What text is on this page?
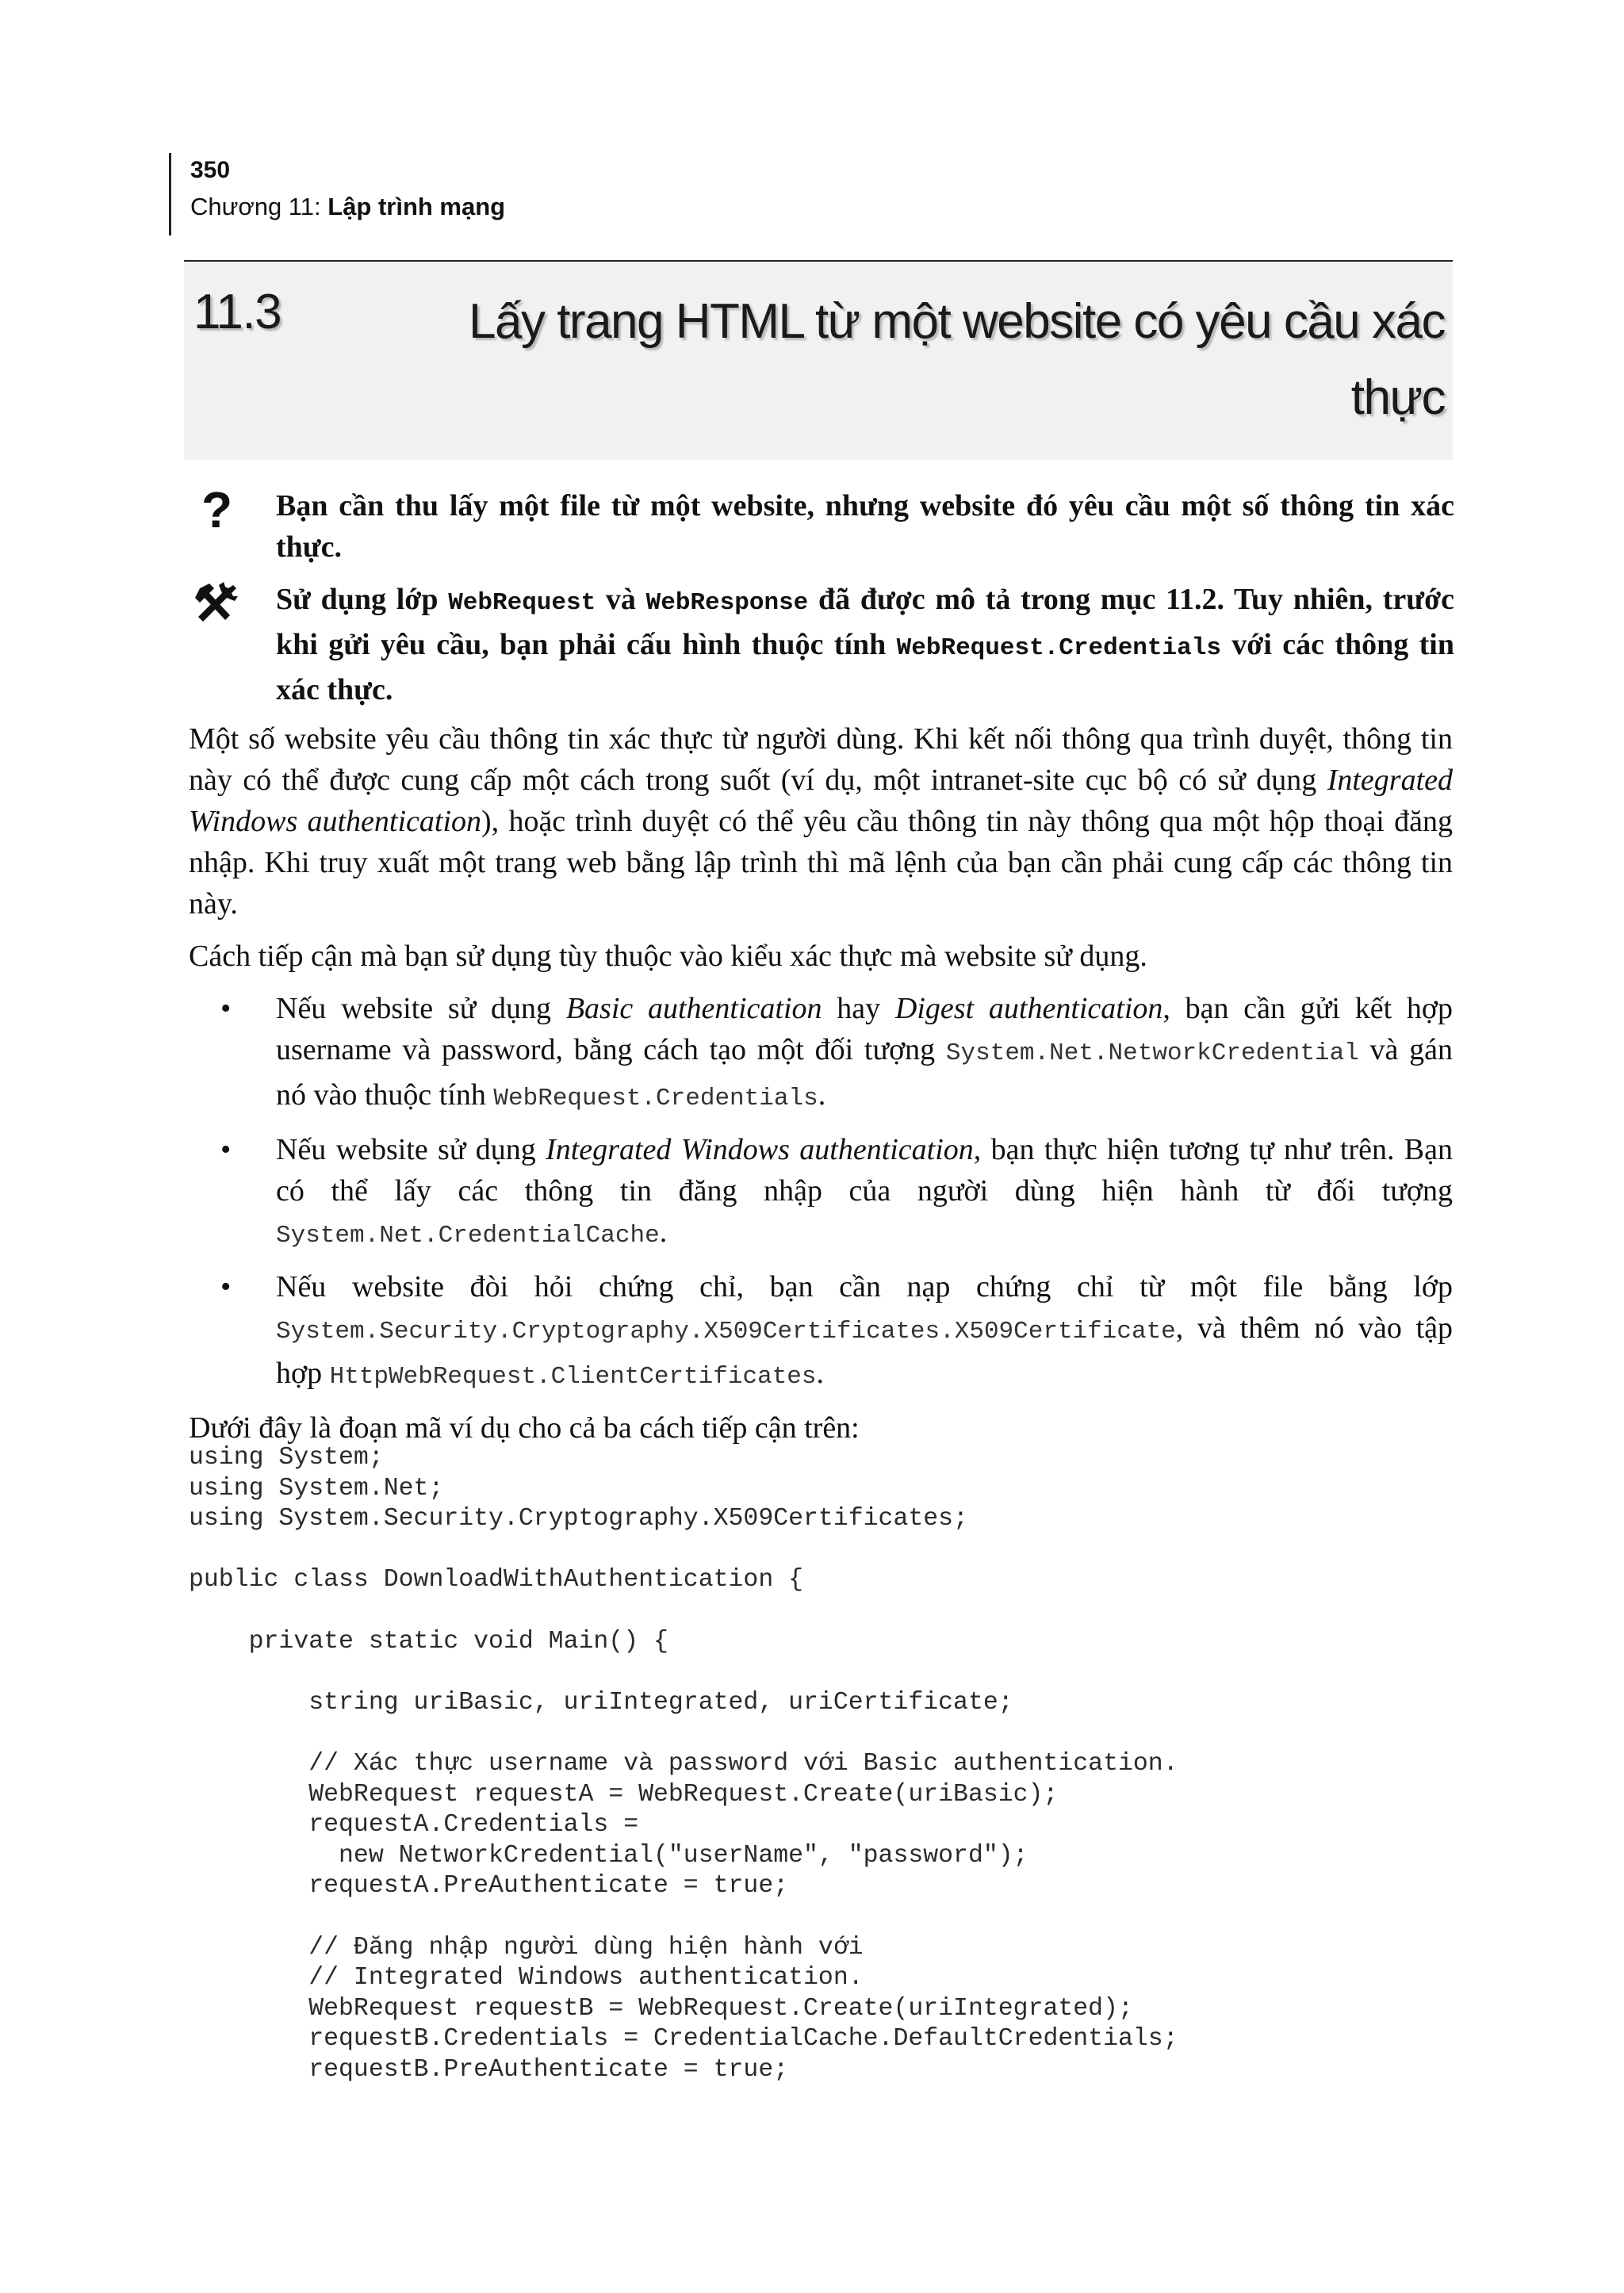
350
Chương 11: Lập trình mạng
11.3	Lấy trang HTML từ một website có yêu cầu xác thực
? Bạn cần thu lấy một file từ một website, nhưng website đó yêu cầu một số thông tin xác thực.
Sử dụng lớp WebRequest và WebResponse đã được mô tả trong mục 11.2. Tuy nhiên, trước khi gửi yêu cầu, bạn phải cấu hình thuộc tính WebRequest.Credentials với các thông tin xác thực.

Một số website yêu cầu thông tin xác thực từ người dùng. Khi kết nối thông qua trình duyệt, thông tin này có thể được cung cấp một cách trong suốt (ví dụ, một intranet-site cục bộ có sử dụng Integrated Windows authentication), hoặc trình duyệt có thể yêu cầu thông tin này thông qua một hộp thoại đăng nhập. Khi truy xuất một trang web bằng lập trình thì mã lệnh của bạn cần phải cung cấp các thông tin này.

Cách tiếp cận mà bạn sử dụng tùy thuộc vào kiểu xác thực mà website sử dụng.

• Nếu website sử dụng Basic authentication hay Digest authentication, bạn cần gửi kết hợp username và password, bằng cách tạo một đối tượng System.Net.NetworkCredential và gán nó vào thuộc tính WebRequest.Credentials.
• Nếu website sử dụng Integrated Windows authentication, bạn thực hiện tương tự như trên. Bạn có thể lấy các thông tin đăng nhập của người dùng hiện hành từ đối tượng System.Net.CredentialCache.
• Nếu website đòi hỏi chứng chỉ, bạn cần nạp chứng chỉ từ một file bằng lớp System.Security.Cryptography.X509Certificates.X509Certificate, và thêm nó vào tập hợp HttpWebRequest.ClientCertificates.

Dưới đây là đoạn mã ví dụ cho cả ba cách tiếp cận trên:

using System;
using System.Net;
using System.Security.Cryptography.X509Certificates;

public class DownloadWithAuthentication {

private static void Main() {

string uriBasic, uriIntegrated, uriCertificate;

// Xác thực username và password với Basic authentication.
WebRequest requestA = WebRequest.Create(uriBasic);
requestA.Credentials =
new NetworkCredential("userName", "password");
requestA.PreAuthenticate = true;

// Đăng nhập người dùng hiện hành với
// Integrated Windows authentication.
WebRequest requestB = WebRequest.Create(uriIntegrated);
requestB.Credentials = CredentialCache.DefaultCredentials;
requestB.PreAuthenticate = true;
